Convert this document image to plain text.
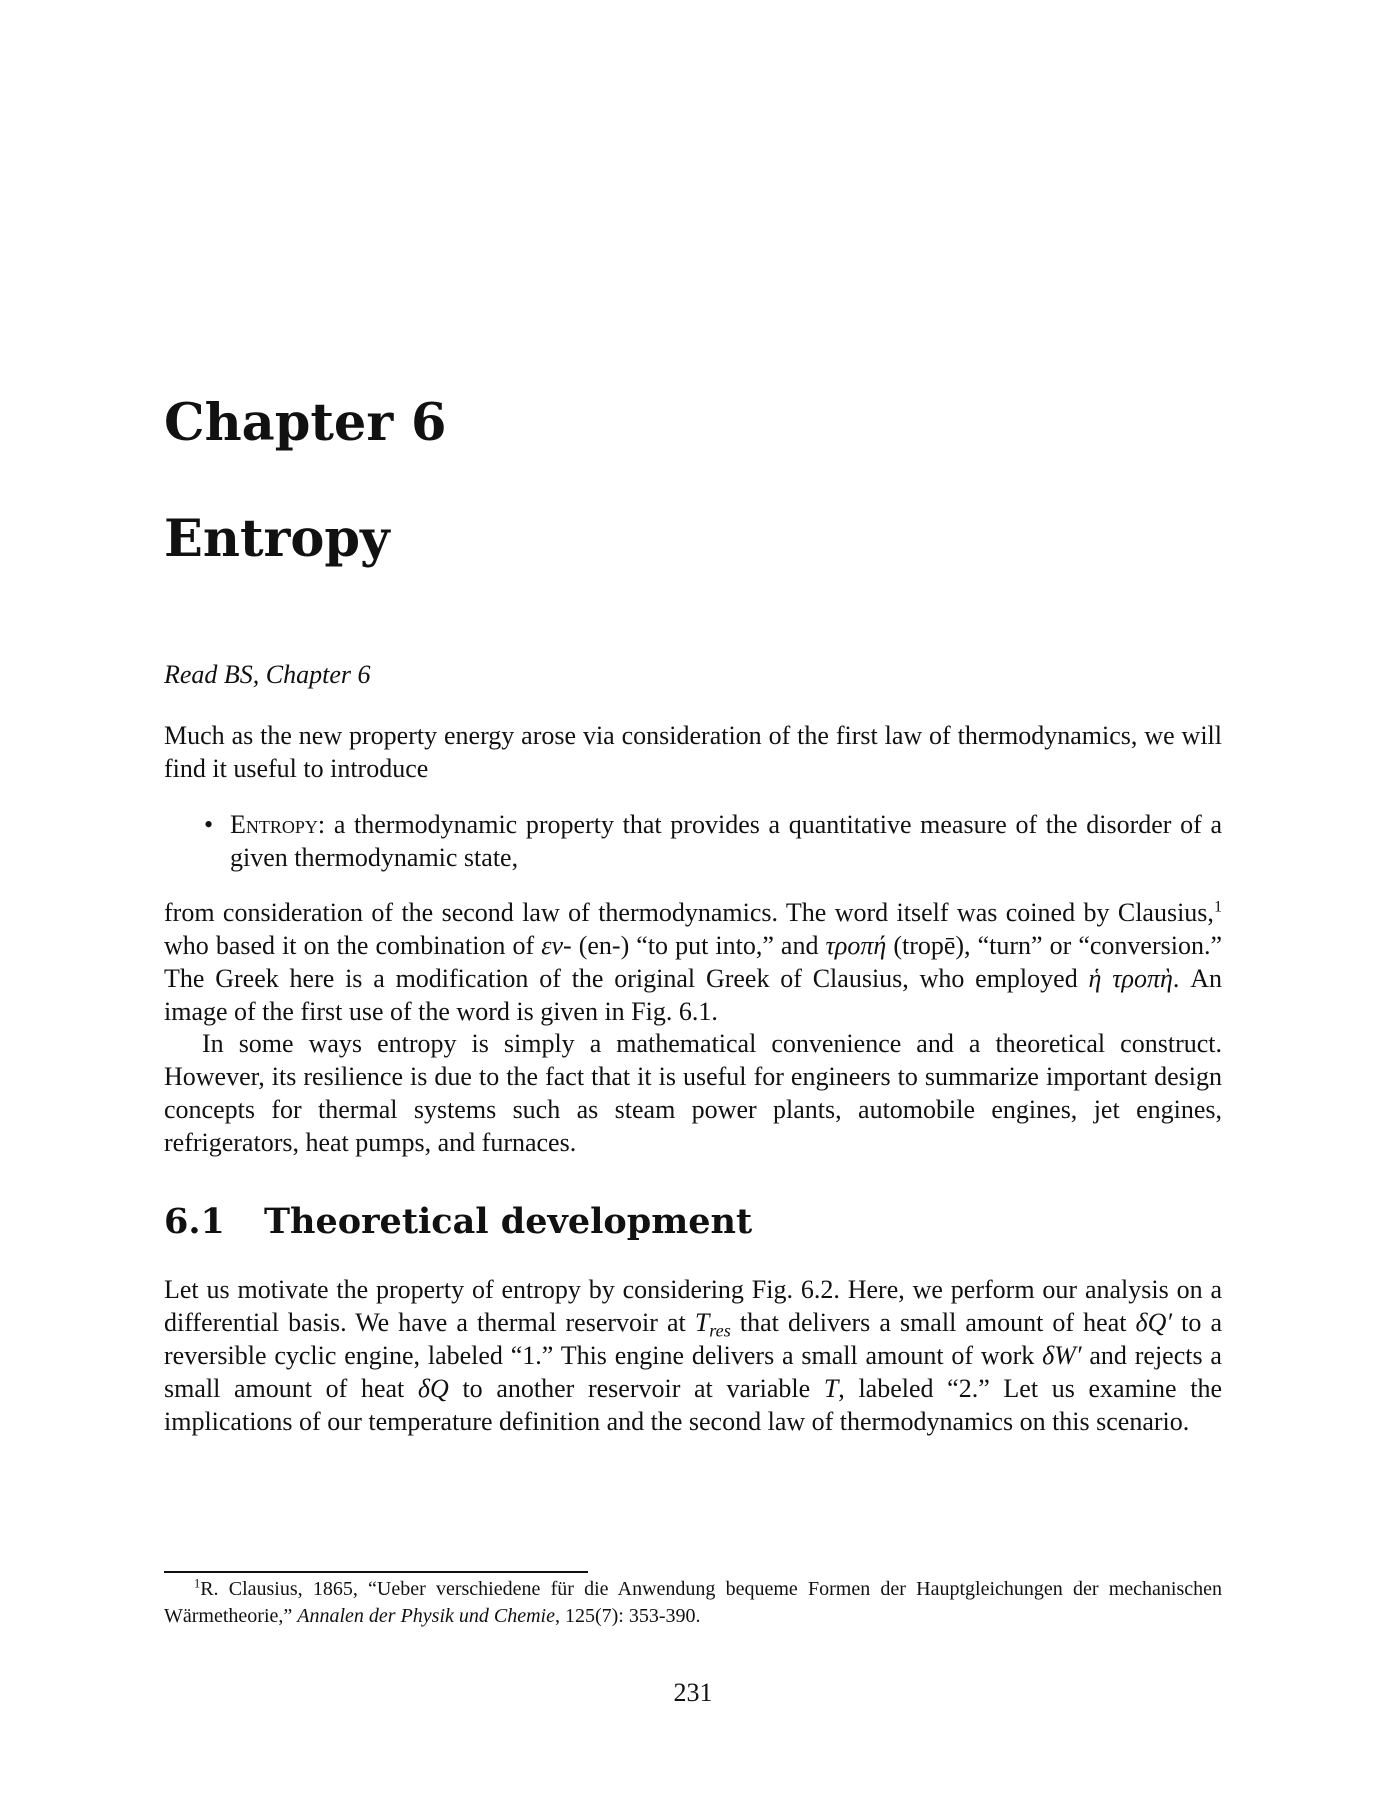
Chapter 6
Entropy
Read BS, Chapter 6

Much as the new property energy arose via consideration of the first law of thermodynamics, we will find it useful to introduce

• Entropy: a thermodynamic property that provides a quantitative measure of the disorder of a given thermodynamic state,

from consideration of the second law of thermodynamics. The word itself was coined by Clausius,$^1$ who based it on the combination of εν- (en-) “to put into,” and τροπή (tropē), “turn” or “conversion.” The Greek here is a modification of the original Greek of Clausius, who employed ἡ τροπὴ. An image of the first use of the word is given in Fig. 6.1.

In some ways entropy is simply a mathematical convenience and a theoretical construct. However, its resilience is due to the fact that it is useful for engineers to summarize important design concepts for thermal systems such as steam power plants, automobile engines, jet engines, refrigerators, heat pumps, and furnaces.

6.1 Theoretical development

Let us motivate the property of entropy by considering Fig. 6.2. Here, we perform our analysis on a differential basis. We have a thermal reservoir at $T_{res}$ that delivers a small amount of heat δQ′ to a reversible cyclic engine, labeled “1.” This engine delivers a small amount of work δW′ and rejects a small amount of heat δQ to another reservoir at variable T, labeled “2.” Let us examine the implications of our temperature definition and the second law of thermodynamics on this scenario.

$^1$R. Clausius, 1865, “Ueber verschiedene für die Anwendung bequeme Formen der Hauptgleichungen der mechanischen Wärmetheorie,” Annalen der Physik und Chemie, 125(7): 353-390.

231
